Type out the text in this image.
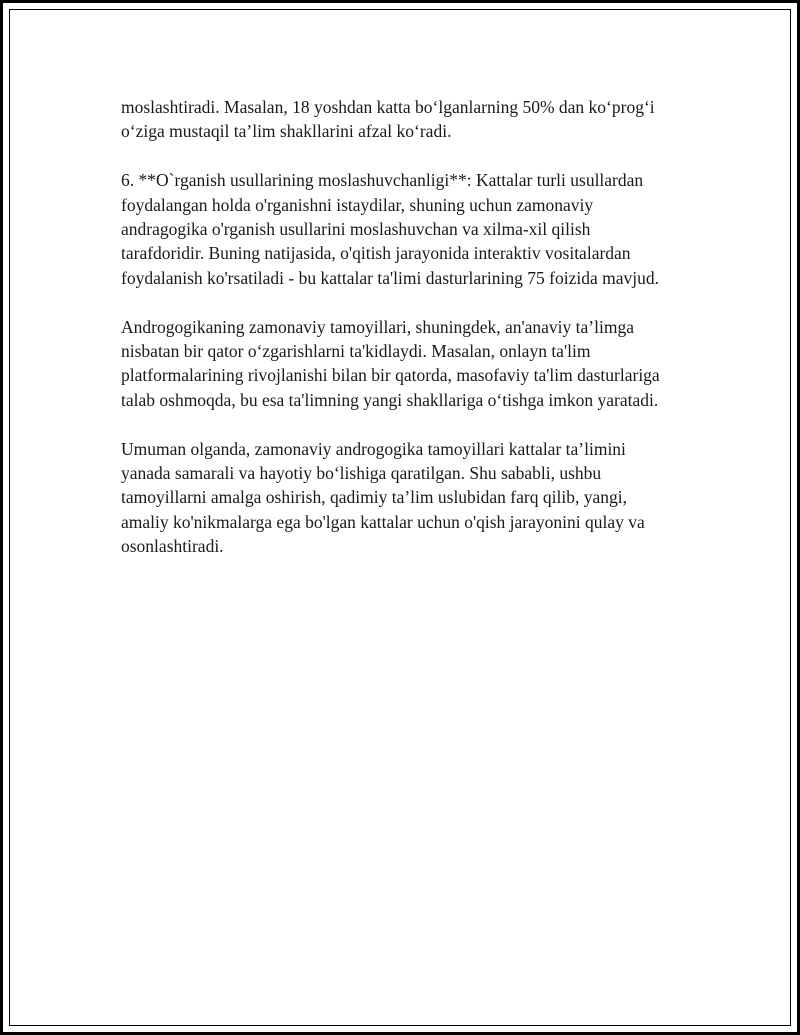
moslashtiradi. Masalan, 18 yoshdan katta bo‘lganlarning 50% dan ko‘prog‘i
o‘ziga mustaqil ta’lim shakllarini afzal ko‘radi.

6. **O`rganish usullarining moslashuvchanligi**: Kattalar turli usullardan
foydalangan holda o'rganishni istaydilar, shuning uchun zamonaviy
andragogika o'rganish usullarini moslashuvchan va xilma-xil qilish
tarafdoridir. Buning natijasida, o'qitish jarayonida interaktiv vositalardan
foydalanish ko'rsatiladi - bu kattalar ta'limi dasturlarining 75 foizida mavjud.

Androgogikaning zamonaviy tamoyillari, shuningdek, an'anaviy ta’limga
nisbatan bir qator o‘zgarishlarni ta'kidlaydi. Masalan, onlayn ta'lim
platformalarining rivojlanishi bilan bir qatorda, masofaviy ta'lim dasturlariga
talab oshmoqda, bu esa ta'limning yangi shakllariga o‘tishga imkon yaratadi.

Umuman olganda, zamonaviy androgogika tamoyillari kattalar ta’limini
yanada samarali va hayotiy bo‘lishiga qaratilgan. Shu sababli, ushbu
tamoyillarni amalga oshirish, qadimiy ta’lim uslubidan farq qilib, yangi,
amaliy ko'nikmalarga ega bo'lgan kattalar uchun o'qish jarayonini qulay va
osonlashtiradi.
